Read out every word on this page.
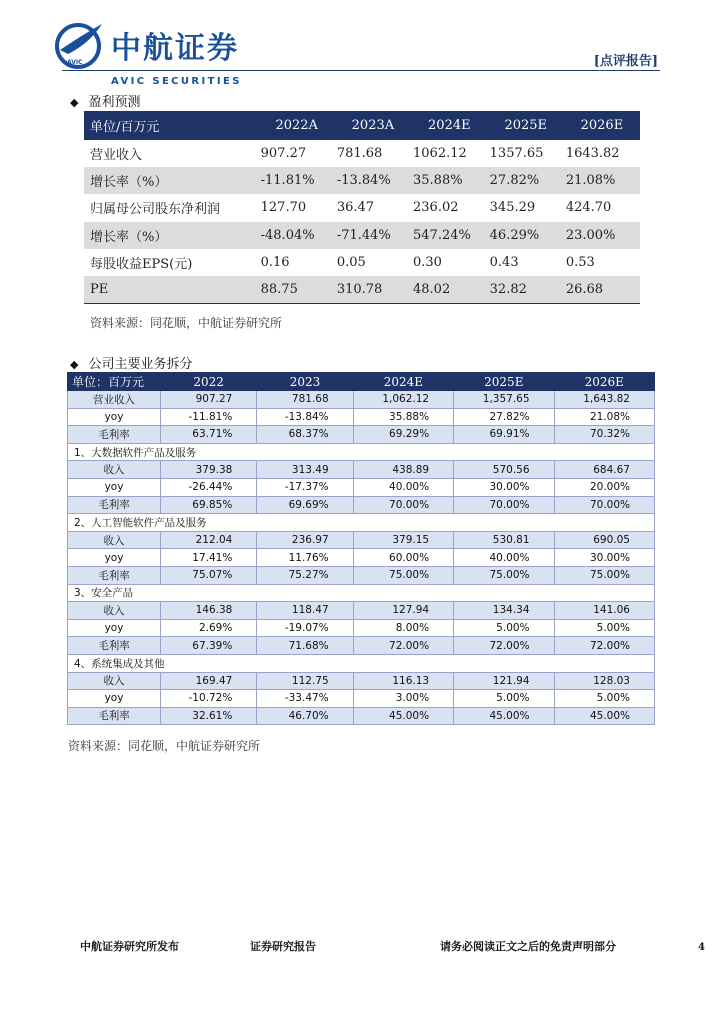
AVIC 中航证券
AVIC SECURITIES
[点评报告]
◆ 盈利预测
单位/百万元	2022A	2023A	2024E	2025E	2026E
营业收入	907.27	781.68	1062.12	1357.65	1643.82
增长率（%）	-11.81%	-13.84%	35.88%	27.82%	21.08%
归属母公司股东净利润	127.70	36.47	236.02	345.29	424.70
增长率（%）	-48.04%	-71.44%	547.24%	46.29%	23.00%
每股收益EPS(元)	0.16	0.05	0.30	0.43	0.53
PE	88.75	310.78	48.02	32.82	26.68
资料来源：同花顺，中航证券研究所
◆ 公司主要业务拆分
单位：百万元	2022	2023	2024E	2025E	2026E
营业收入	907.27	781.68	1,062.12	1,357.65	1,643.82
yoy	-11.81%	-13.84%	35.88%	27.82%	21.08%
毛利率	63.71%	68.37%	69.29%	69.91%	70.32%
1、大数据软件产品及服务					
收入	379.38	313.49	438.89	570.56	684.67
yoy	-26.44%	-17.37%	40.00%	30.00%	20.00%
毛利率	69.85%	69.69%	70.00%	70.00%	70.00%
2、人工智能软件产品及服务					
收入	212.04	236.97	379.15	530.81	690.05
yoy	17.41%	11.76%	60.00%	40.00%	30.00%
毛利率	75.07%	75.27%	75.00%	75.00%	75.00%
3、安全产品					
收入	146.38	118.47	127.94	134.34	141.06
yoy	2.69%	-19.07%	8.00%	5.00%	5.00%
毛利率	67.39%	71.68%	72.00%	72.00%	72.00%
4、系统集成及其他					
收入	169.47	112.75	116.13	121.94	128.03
yoy	-10.72%	-33.47%	3.00%	5.00%	5.00%
毛利率	32.61%	46.70%	45.00%	45.00%	45.00%
资料来源：同花顺，中航证券研究所
中航证券研究所发布	证券研究报告	请务必阅读正文之后的免责声明部分	4
